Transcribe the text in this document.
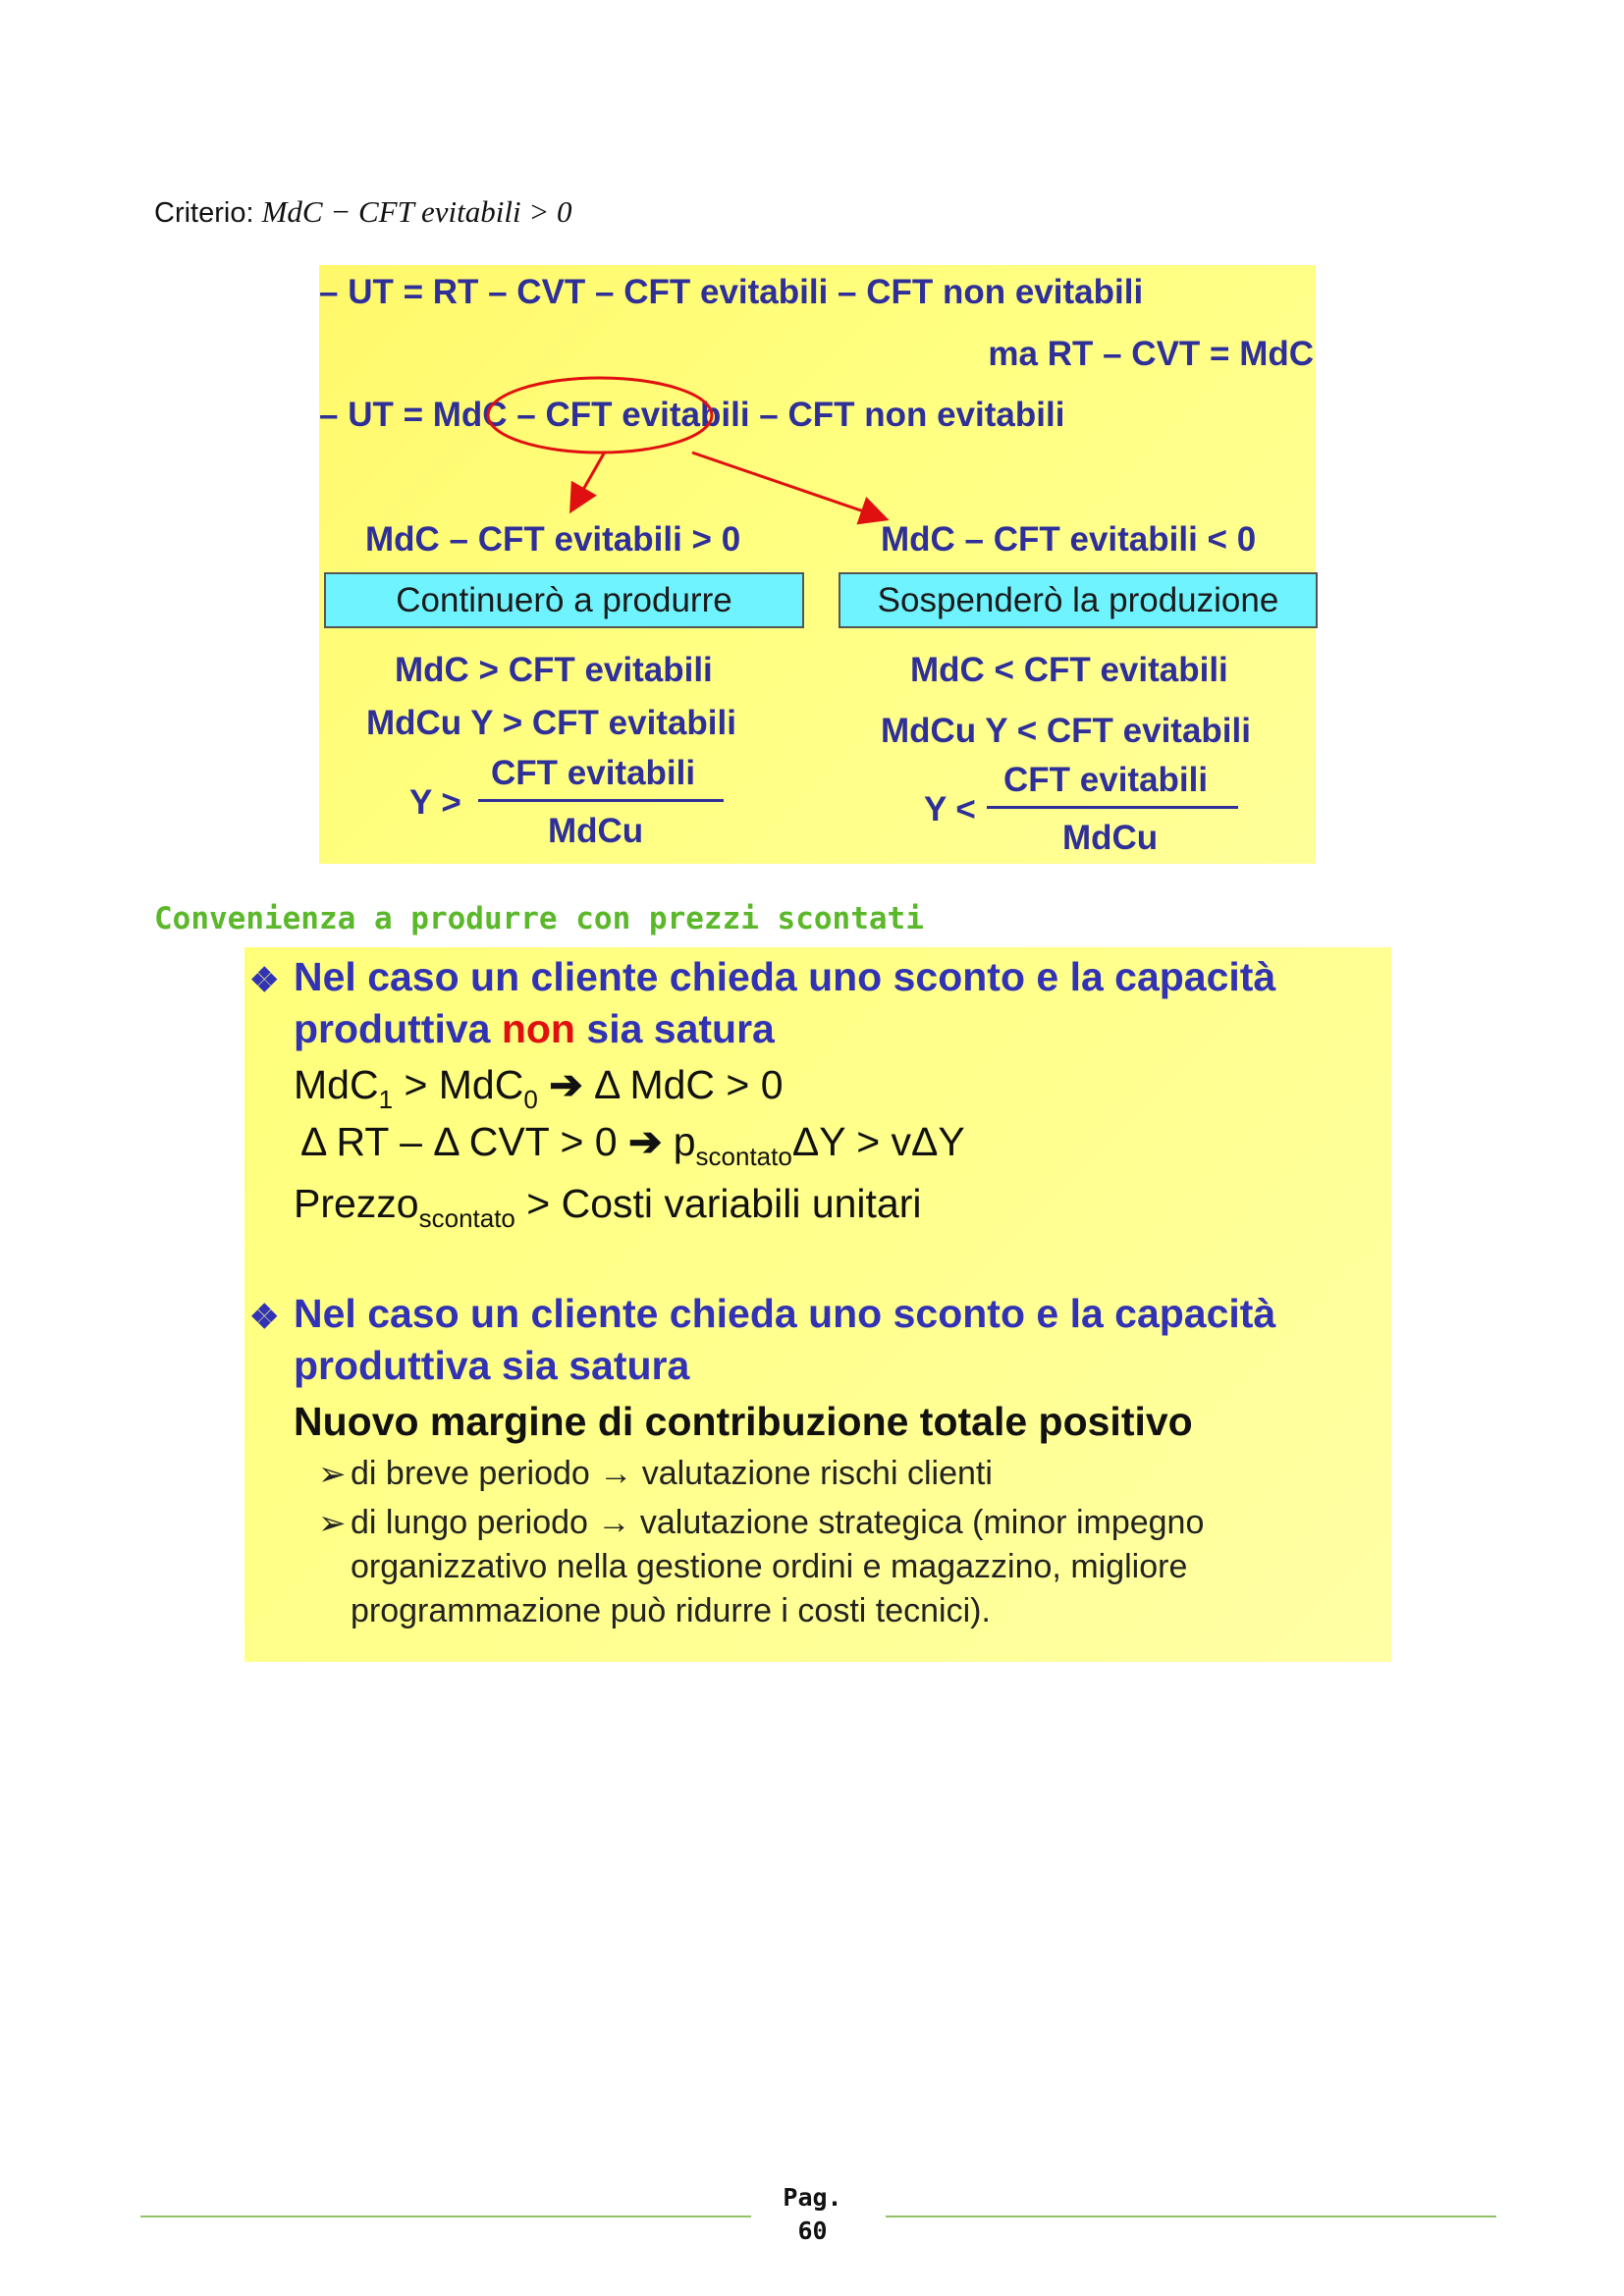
Criterio: MdC − CFT evitabili > 0
– UT = RT – CVT – CFT evitabili – CFT non evitabili
ma RT – CVT = MdC
– UT = MdC – CFT evitabili – CFT non evitabili
MdC – CFT evitabili > 0
Continuerò a produrre
MdC > CFT evitabili
MdCu Y > CFT evitabili
Y >
CFT evitabili
MdCu
MdC – CFT evitabili < 0
Sospenderò la produzione
MdC < CFT evitabili
MdCu Y < CFT evitabili
Y <
CFT evitabili
MdCu
Convenienza a produrre con prezzi scontati
❖ Nel caso un cliente chieda uno sconto e la capacità
produttiva non sia satura
MdC$_1$ > MdC$_0$ ➔ Δ MdC > 0
Δ RT – Δ CVT > 0 ➔ $p_{scontato}\Delta Y > v\Delta Y$
Prezzo$_{scontato}$ > Costi variabili unitari
❖ Nel caso un cliente chieda uno sconto e la capacità
produttiva sia satura
Nuovo margine di contribuzione totale positivo
➢ di breve periodo → valutazione rischi clienti
➢ di lungo periodo → valutazione strategica (minor impegno
organizzativo nella gestione ordini e magazzino, migliore
programmazione può ridurre i costi tecnici).
Pag.
60
